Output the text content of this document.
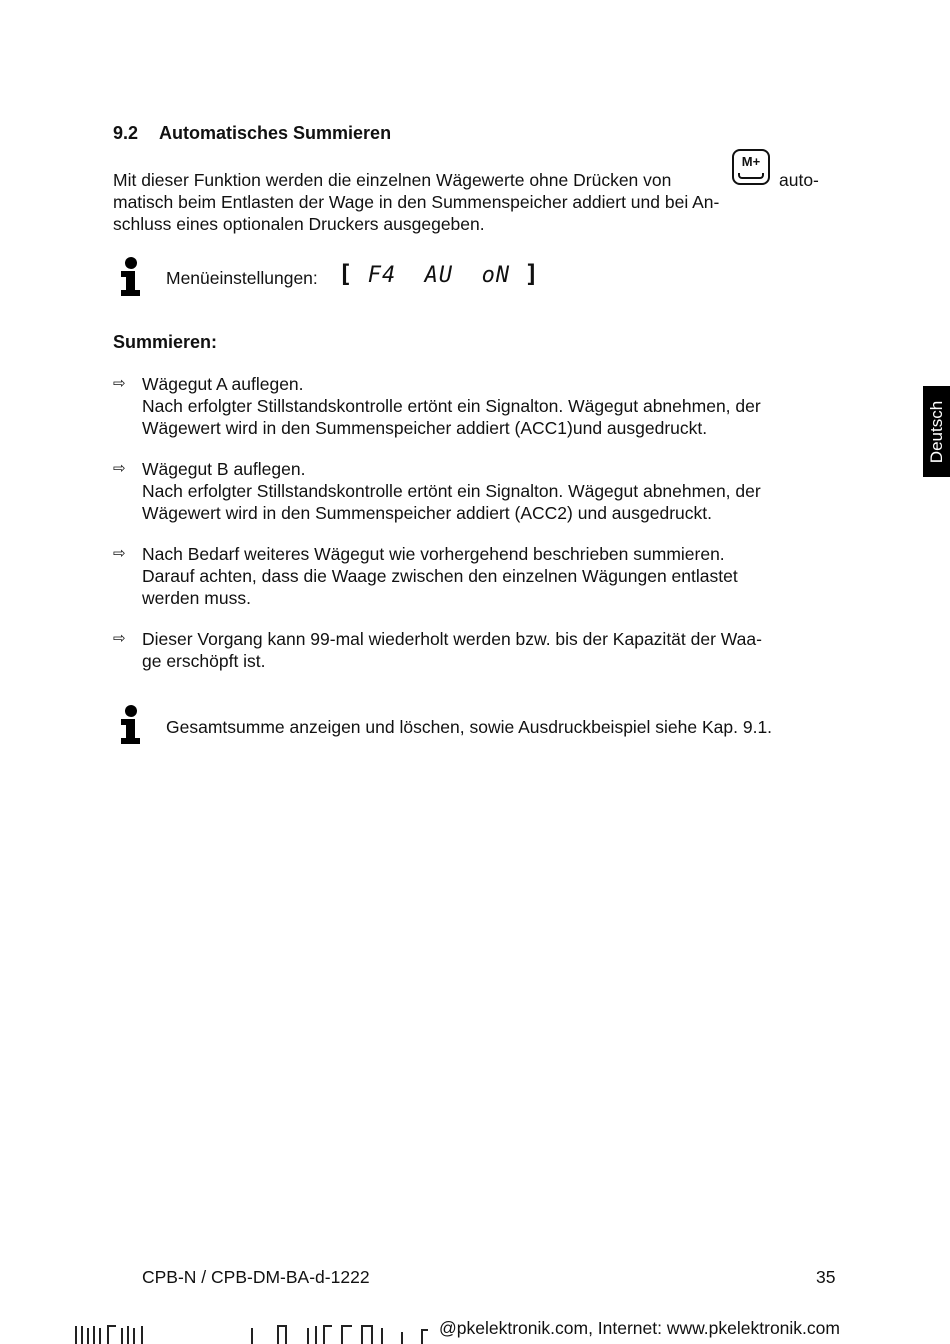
9.2 Automatisches Summieren
Mit dieser Funktion werden die einzelnen Wägewerte ohne Drücken von
M+
auto-
matisch beim Entlasten der Wage in den Summenspeicher addiert und bei An-
schluss eines optionalen Druckers ausgegeben.
Menüeinstellungen: [ F4  AU  oN ]
Summieren:
⇨ Wägegut A auflegen.
Nach erfolgter Stillstandskontrolle ertönt ein Signalton. Wägegut abnehmen, der
Wägewert wird in den Summenspeicher addiert (ACC1)und ausgedruckt.
⇨ Wägegut B auflegen.
Nach erfolgter Stillstandskontrolle ertönt ein Signalton. Wägegut abnehmen, der
Wägewert wird in den Summenspeicher addiert (ACC2) und ausgedruckt.
⇨ Nach Bedarf weiteres Wägegut wie vorhergehend beschrieben summieren.
Darauf achten, dass die Waage zwischen den einzelnen Wägungen entlastet
werden muss.
⇨ Dieser Vorgang kann 99-mal wiederholt werden bzw. bis der Kapazität der Waa-
ge erschöpft ist.
Gesamtsumme anzeigen und löschen, sowie Ausdruckbeispiel siehe Kap. 9.1.
Deutsch
CPB-N / CPB-DM-BA-d-1222	35
@pkelektronik.com, Internet: www.pkelektronik.com
